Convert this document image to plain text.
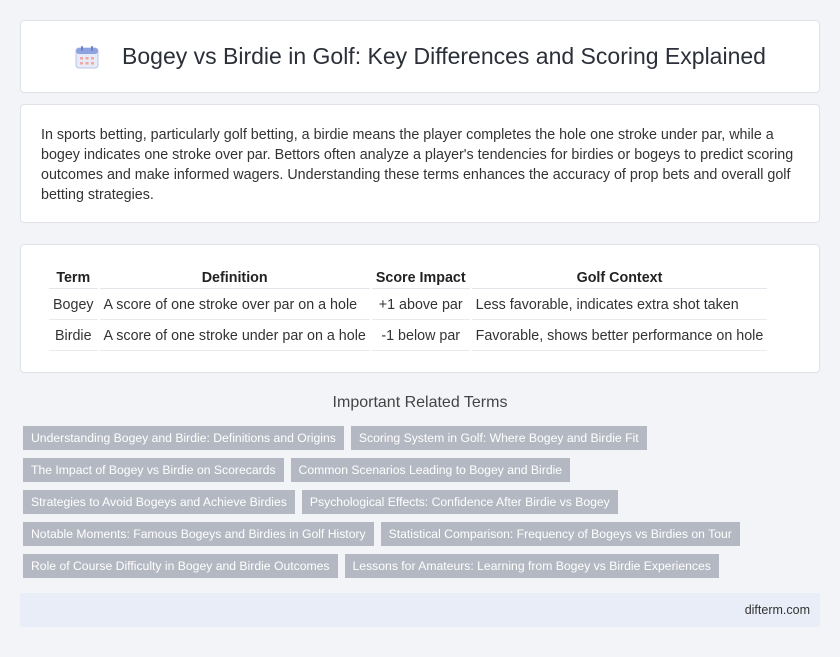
Bogey vs Birdie in Golf: Key Differences and Scoring Explained

In sports betting, particularly golf betting, a birdie means the player completes the hole one stroke under par, while a bogey indicates one stroke over par. Bettors often analyze a player's tendencies for birdies or bogeys to predict scoring outcomes and make informed wagers. Understanding these terms enhances the accuracy of prop bets and overall golf betting strategies.

Term	Definition	Score Impact	Golf Context
Bogey	A score of one stroke over par on a hole	+1 above par	Less favorable, indicates extra shot taken
Birdie	A score of one stroke under par on a hole	-1 below par	Favorable, shows better performance on hole
Important Related Terms
Understanding Bogey and Birdie: Definitions and Origins	Scoring System in Golf: Where Bogey and Birdie Fit
The Impact of Bogey vs Birdie on Scorecards	Common Scenarios Leading to Bogey and Birdie
Strategies to Avoid Bogeys and Achieve Birdies	Psychological Effects: Confidence After Birdie vs Bogey
Notable Moments: Famous Bogeys and Birdies in Golf History	Statistical Comparison: Frequency of Bogeys vs Birdies on Tour
Role of Course Difficulty in Bogey and Birdie Outcomes	Lessons for Amateurs: Learning from Bogey vs Birdie Experiences
difterm.com
